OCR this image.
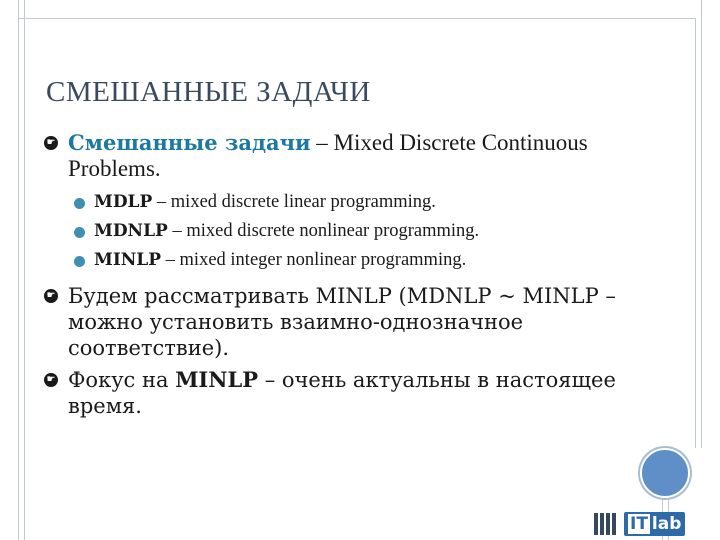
СМЕШАННЫЕ ЗАДАЧИ
☛ Смешанные задачи – Mixed Discrete Continuous Problems.
MDLP – mixed discrete linear programming.
MDNLP – mixed discrete nonlinear programming.
MINLP – mixed integer nonlinear programming.
☛ Будем рассматривать MINLP (MDNLP ~ MINLP – можно установить взаимно-однозначное соответствие).
☛ Фокус на MINLP – очень актуальны в настоящее время.
IT lab
